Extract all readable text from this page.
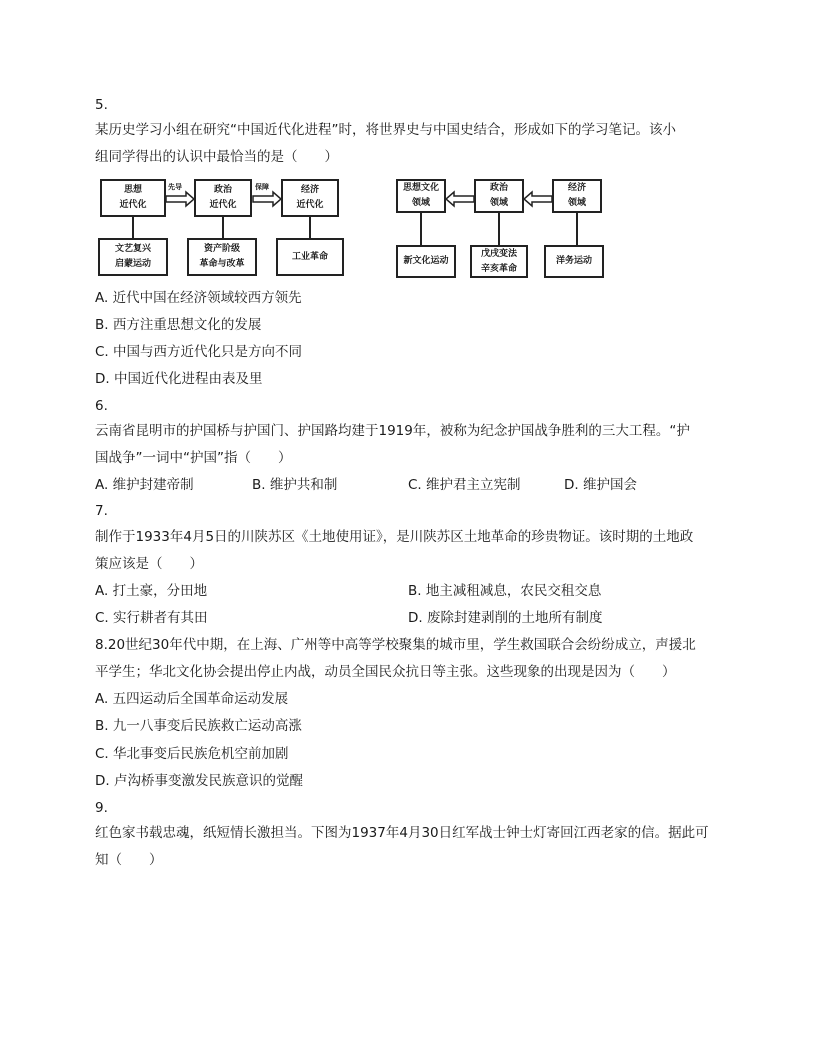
5.
某历史学习小组在研究“中国近代化进程”时，将世界史与中国史结合，形成如下的学习笔记。该小
组同学得出的认识中最恰当的是（　　）
思想
近代化
先导	政治
近代化
保障	经济
近代化
文艺复兴
启蒙运动
资产阶级
革命与改革
工业革命
思想文化
领域
政治
领域
经济
领域
新文化运动
戊戌变法
辛亥革命
洋务运动
A. 近代中国在经济领域较西方领先
B. 西方注重思想文化的发展
C. 中国与西方近代化只是方向不同
D. 中国近代化进程由表及里
6.
云南省昆明市的护国桥与护国门、护国路均建于1919年，被称为纪念护国战争胜利的三大工程。“护
国战争”一词中“护国”指（　　）
A. 维护封建帝制	B. 维护共和制	C. 维护君主立宪制	D. 维护国会
7.
制作于1933年4月5日的川陕苏区《土地使用证》，是川陕苏区土地革命的珍贵物证。该时期的土地政
策应该是（　　）
A. 打土豪，分田地	B. 地主减租减息，农民交租交息
C. 实行耕者有其田	D. 废除封建剥削的土地所有制度
8.20世纪30年代中期，在上海、广州等中高等学校聚集的城市里，学生救国联合会纷纷成立，声援北
平学生；华北文化协会提出停止内战，动员全国民众抗日等主张。这些现象的出现是因为（　　）
A. 五四运动后全国革命运动发展
B. 九一八事变后民族救亡运动高涨
C. 华北事变后民族危机空前加剧
D. 卢沟桥事变激发民族意识的觉醒
9.
红色家书载忠魂，纸短情长激担当。下图为1937年4月30日红军战士钟士灯寄回江西老家的信。据此可
知（　　）
